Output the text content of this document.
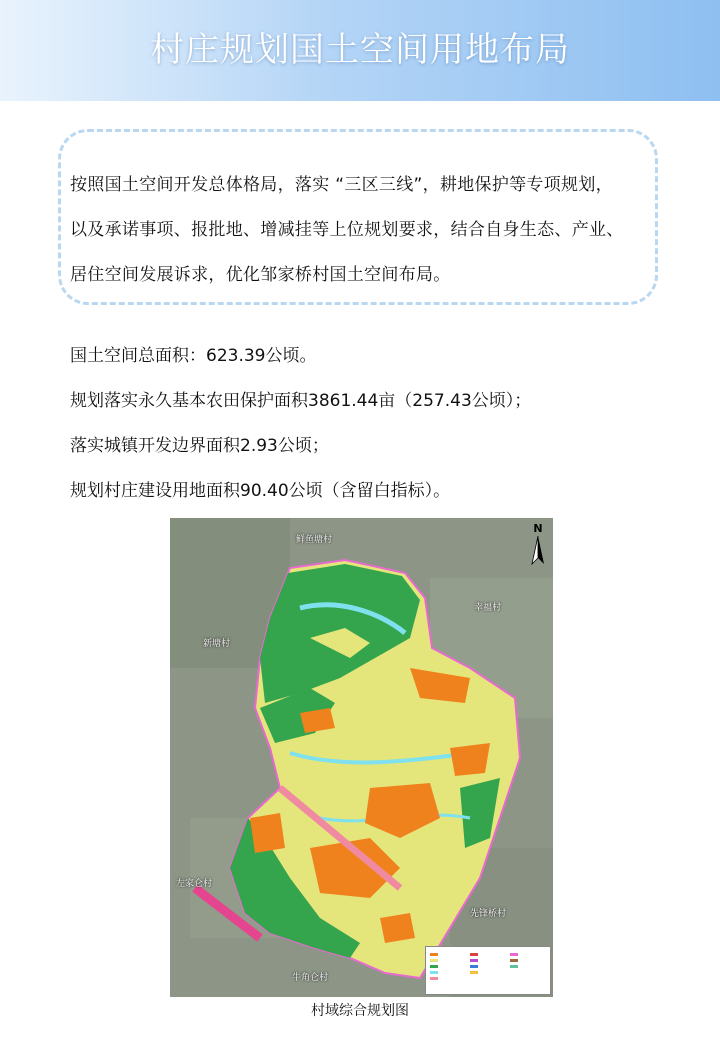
村庄规划国土空间用地布局

按照国土空间开发总体格局，落实 “三区三线”，耕地保护等专项规划，

以及承诺事项、报批地、增减挂等上位规划要求，结合自身生态、产业、

居住空间发展诉求，优化邹家桥村国土空间布局。

国土空间总面积：623.39公顷。

规划落实永久基本农田保护面积3861.44亩（257.43公顷）；

落实城镇开发边界面积2.93公顷；

规划村庄建设用地面积90.40公顷（含留白指标）。

鲜鱼塘村
幸福村
新塘村
左家仑村
先锋桥村
牛角仑村
N
村域综合规划图
